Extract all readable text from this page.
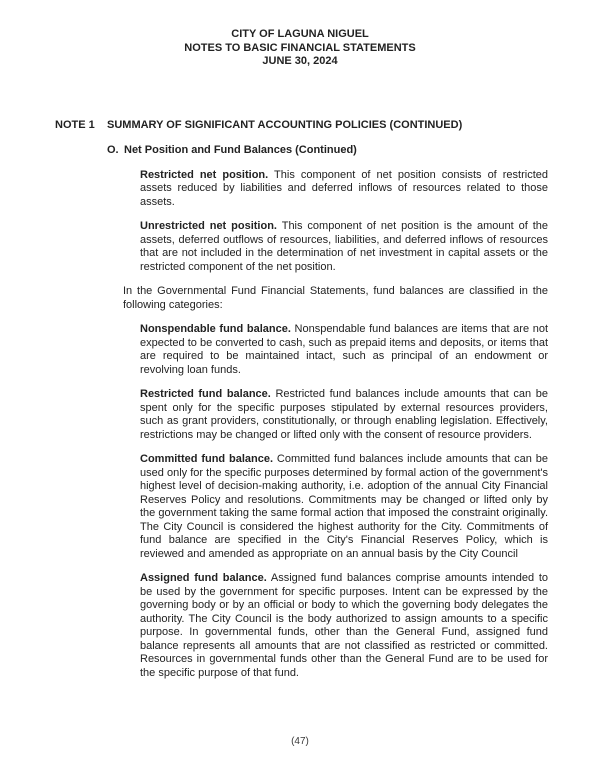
CITY OF LAGUNA NIGUEL
NOTES TO BASIC FINANCIAL STATEMENTS
JUNE 30, 2024
NOTE 1	SUMMARY OF SIGNIFICANT ACCOUNTING POLICIES (CONTINUED)
O. Net Position and Fund Balances (Continued)

Restricted net position. This component of net position consists of restricted assets reduced by liabilities and deferred inflows of resources related to those assets.

Unrestricted net position. This component of net position is the amount of the assets, deferred outflows of resources, liabilities, and deferred inflows of resources that are not included in the determination of net investment in capital assets or the restricted component of the net position.

In the Governmental Fund Financial Statements, fund balances are classified in the following categories:

Nonspendable fund balance. Nonspendable fund balances are items that are not expected to be converted to cash, such as prepaid items and deposits, or items that are required to be maintained intact, such as principal of an endowment or revolving loan funds.

Restricted fund balance. Restricted fund balances include amounts that can be spent only for the specific purposes stipulated by external resources providers, such as grant providers, constitutionally, or through enabling legislation. Effectively, restrictions may be changed or lifted only with the consent of resource providers.

Committed fund balance. Committed fund balances include amounts that can be used only for the specific purposes determined by formal action of the government's highest level of decision-making authority, i.e. adoption of the annual City Financial Reserves Policy and resolutions. Commitments may be changed or lifted only by the government taking the same formal action that imposed the constraint originally. The City Council is considered the highest authority for the City. Commitments of fund balance are specified in the City's Financial Reserves Policy, which is reviewed and amended as appropriate on an annual basis by the City Council

Assigned fund balance. Assigned fund balances comprise amounts intended to be used by the government for specific purposes. Intent can be expressed by the governing body or by an official or body to which the governing body delegates the authority. The City Council is the body authorized to assign amounts to a specific purpose. In governmental funds, other than the General Fund, assigned fund balance represents all amounts that are not classified as restricted or committed. Resources in governmental funds other than the General Fund are to be used for the specific purpose of that fund.

(47)
